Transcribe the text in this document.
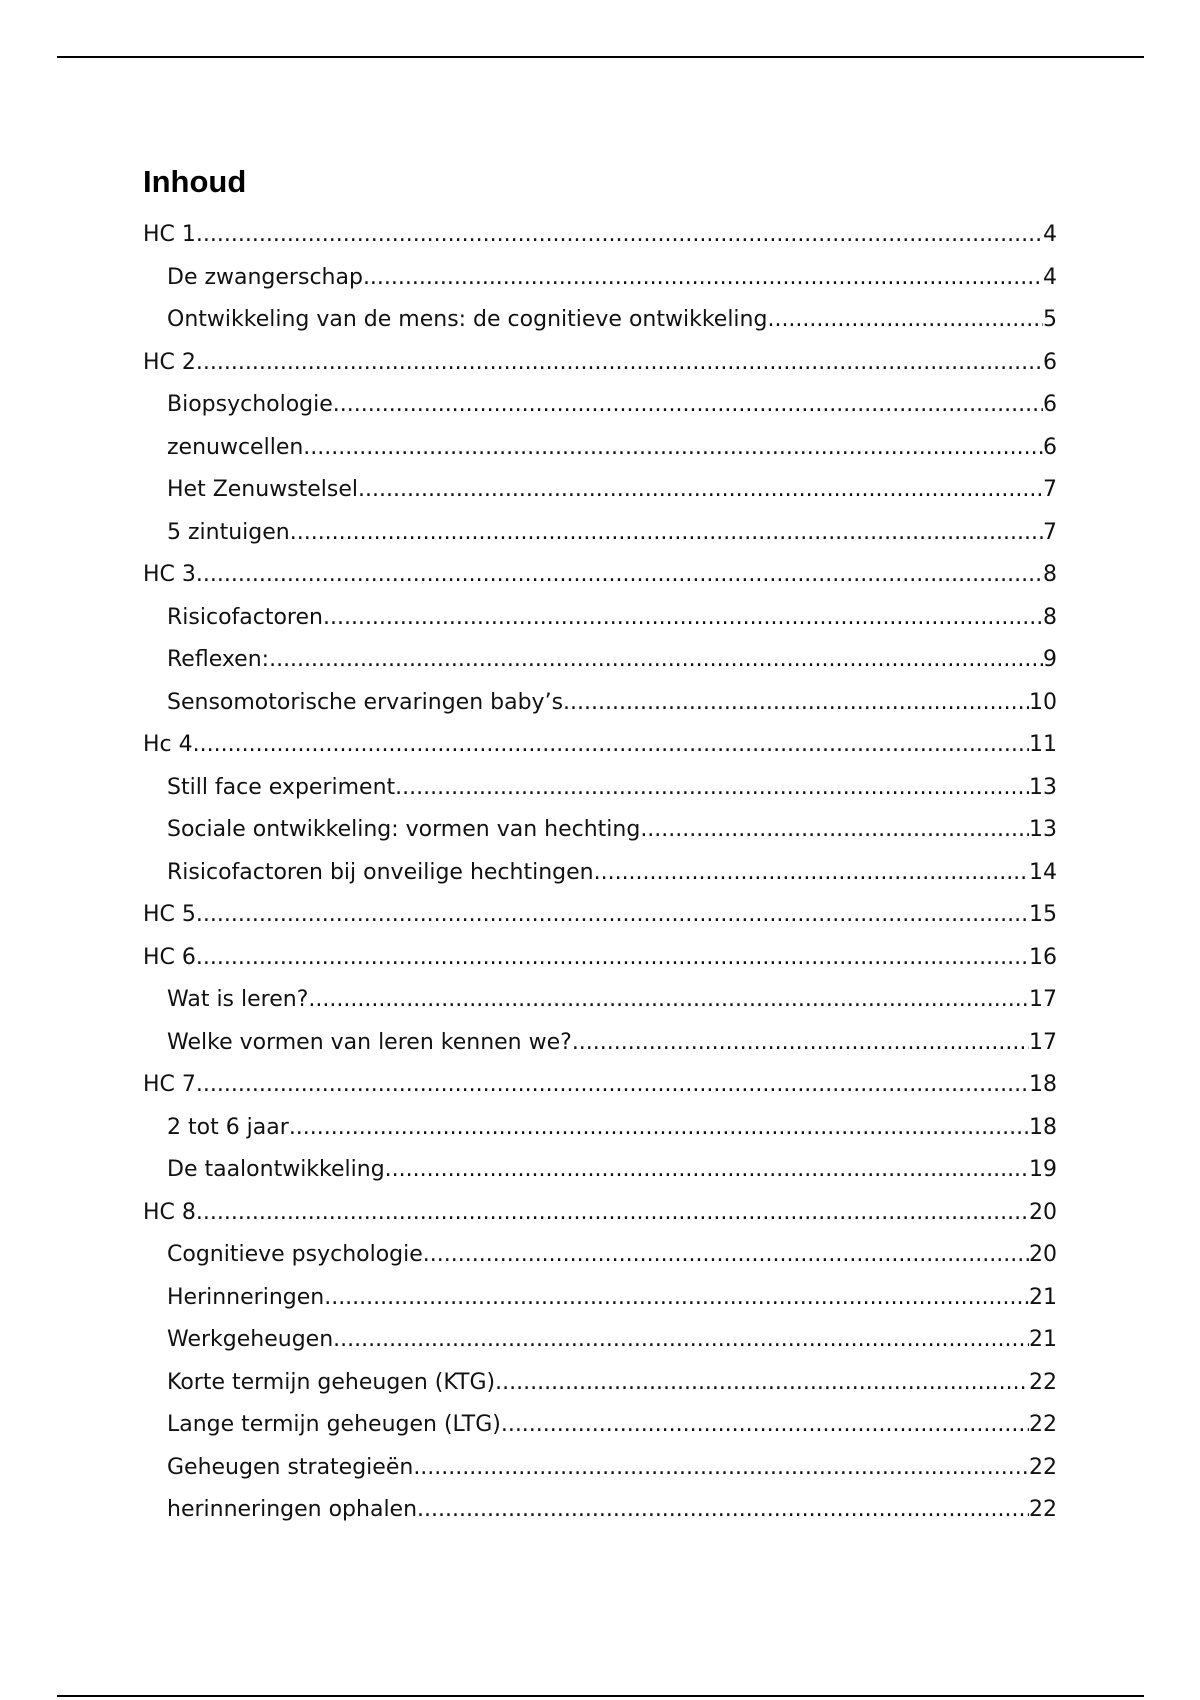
Inhoud
HC 1 .....	4
De zwangerschap .....	4
Ontwikkeling van de mens: de cognitieve ontwikkeling .....	5
HC 2 .....	6
Biopsychologie .....	6
zenuwcellen .....	6
Het Zenuwstelsel .....	7
5 zintuigen .....	7
HC 3 .....	8
Risicofactoren .....	8
Reflexen: .....	9
Sensomotorische ervaringen baby’s .....	10
Hc 4 .....	11
Still face experiment .....	13
Sociale ontwikkeling: vormen van hechting .....	13
Risicofactoren bij onveilige hechtingen .....	14
HC 5 .....	15
HC 6 .....	16
Wat is leren? .....	17
Welke vormen van leren kennen we? .....	17
HC 7 .....	18
2 tot 6 jaar .....	18
De taalontwikkeling .....	19
HC 8 .....	20
Cognitieve psychologie .....	20
Herinneringen .....	21
Werkgeheugen .....	21
Korte termijn geheugen (KTG) .....	22
Lange termijn geheugen (LTG) .....	22
Geheugen strategieën .....	22
herinneringen ophalen .....	22
